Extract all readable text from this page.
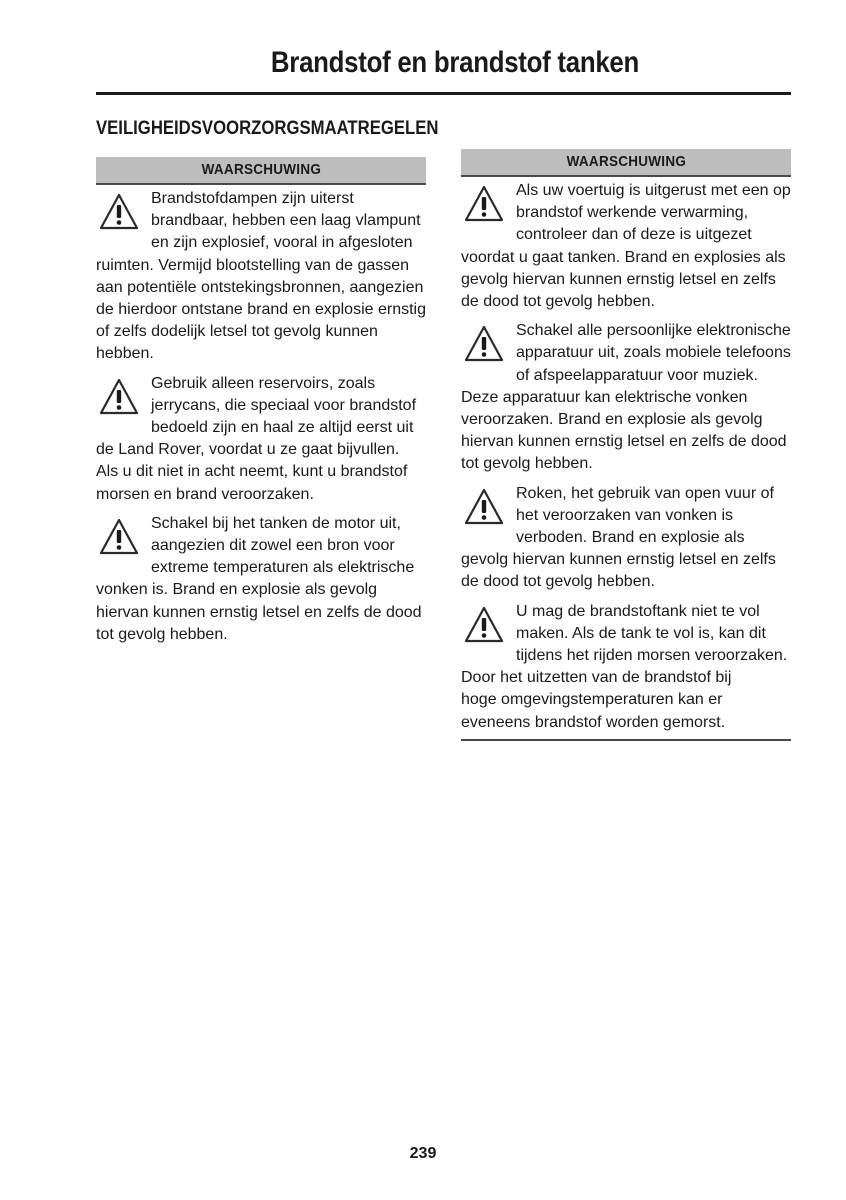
Brandstof en brandstof tanken
VEILIGHEIDSVOORZORGSMAATREGELEN
WAARSCHUWING

Brandstofdampen zijn uiterst
brandbaar, hebben een laag vlampunt
en zijn explosief, vooral in afgesloten
ruimten. Vermijd blootstelling van de gassen
aan potentiële ontstekingsbronnen, aangezien
de hierdoor ontstane brand en explosie ernstig
of zelfs dodelijk letsel tot gevolg kunnen
hebben.

Gebruik alleen reservoirs, zoals
jerrycans, die speciaal voor brandstof
bedoeld zijn en haal ze altijd eerst uit
de Land Rover, voordat u ze gaat bijvullen.
Als u dit niet in acht neemt, kunt u brandstof
morsen en brand veroorzaken.

Schakel bij het tanken de motor uit,
aangezien dit zowel een bron voor
extreme temperaturen als elektrische
vonken is. Brand en explosie als gevolg
hiervan kunnen ernstig letsel en zelfs de dood
tot gevolg hebben.

WAARSCHUWING

Als uw voertuig is uitgerust met een op
brandstof werkende verwarming,
controleer dan of deze is uitgezet
voordat u gaat tanken. Brand en explosies als
gevolg hiervan kunnen ernstig letsel en zelfs
de dood tot gevolg hebben.

Schakel alle persoonlijke elektronische
apparatuur uit, zoals mobiele telefoons
of afspeelapparatuur voor muziek.
Deze apparatuur kan elektrische vonken
veroorzaken. Brand en explosie als gevolg
hiervan kunnen ernstig letsel en zelfs de dood
tot gevolg hebben.

Roken, het gebruik van open vuur of
het veroorzaken van vonken is
verboden. Brand en explosie als
gevolg hiervan kunnen ernstig letsel en zelfs
de dood tot gevolg hebben.

U mag de brandstoftank niet te vol
maken. Als de tank te vol is, kan dit
tijdens het rijden morsen veroorzaken.
Door het uitzetten van de brandstof bij
hoge omgevingstemperaturen kan er
eveneens brandstof worden gemorst.

239
